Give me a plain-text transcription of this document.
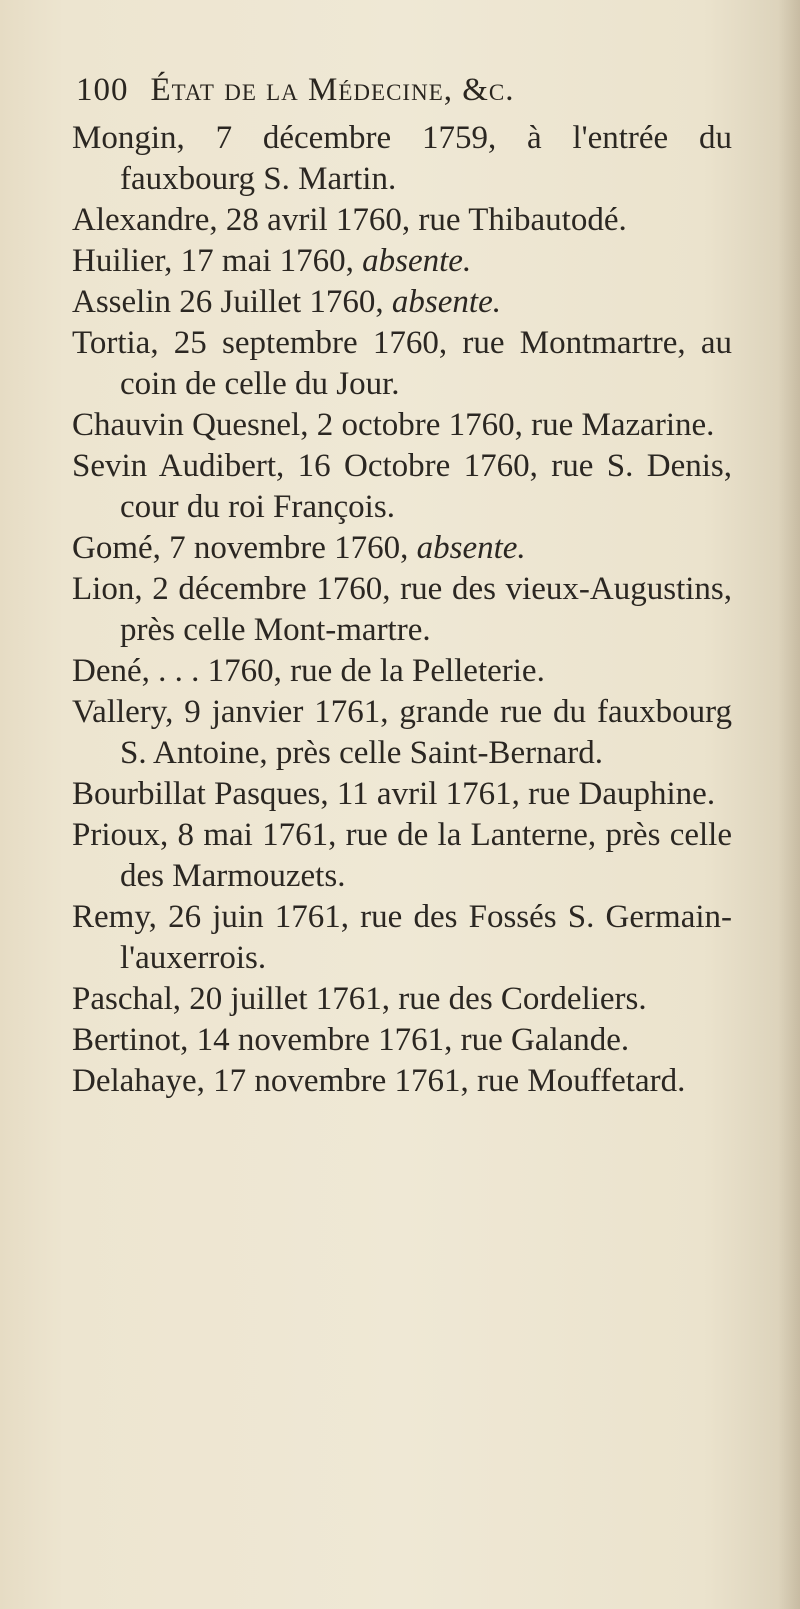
100 État de la Médecine, &c.

Mongin, 7 décembre 1759, à l'entrée du fauxbourg S. Martin.

Alexandre, 28 avril 1760, rue Thibautodé.

Huilier, 17 mai 1760, absente.

Asselin 26 Juillet 1760, absente.

Tortia, 25 septembre 1760, rue Montmartre, au coin de celle du Jour.

Chauvin Quesnel, 2 octobre 1760, rue Mazarine.

Sevin Audibert, 16 Octobre 1760, rue S. Denis, cour du roi François.

Gomé, 7 novembre 1760, absente.

Lion, 2 décembre 1760, rue des vieux-Augustins, près celle Mont-martre.

Dené, . . . 1760, rue de la Pelleterie.

Vallery, 9 janvier 1761, grande rue du fauxbourg S. Antoine, près celle Saint-Bernard.

Bourbillat Pasques, 11 avril 1761, rue Dauphine.

Prioux, 8 mai 1761, rue de la Lanterne, près celle des Marmouzets.

Remy, 26 juin 1761, rue des Fossés S. Germain-l'auxerrois.

Paschal, 20 juillet 1761, rue des Cordeliers.

Bertinot, 14 novembre 1761, rue Galande.

Delahaye, 17 novembre 1761, rue Mouffetard.
